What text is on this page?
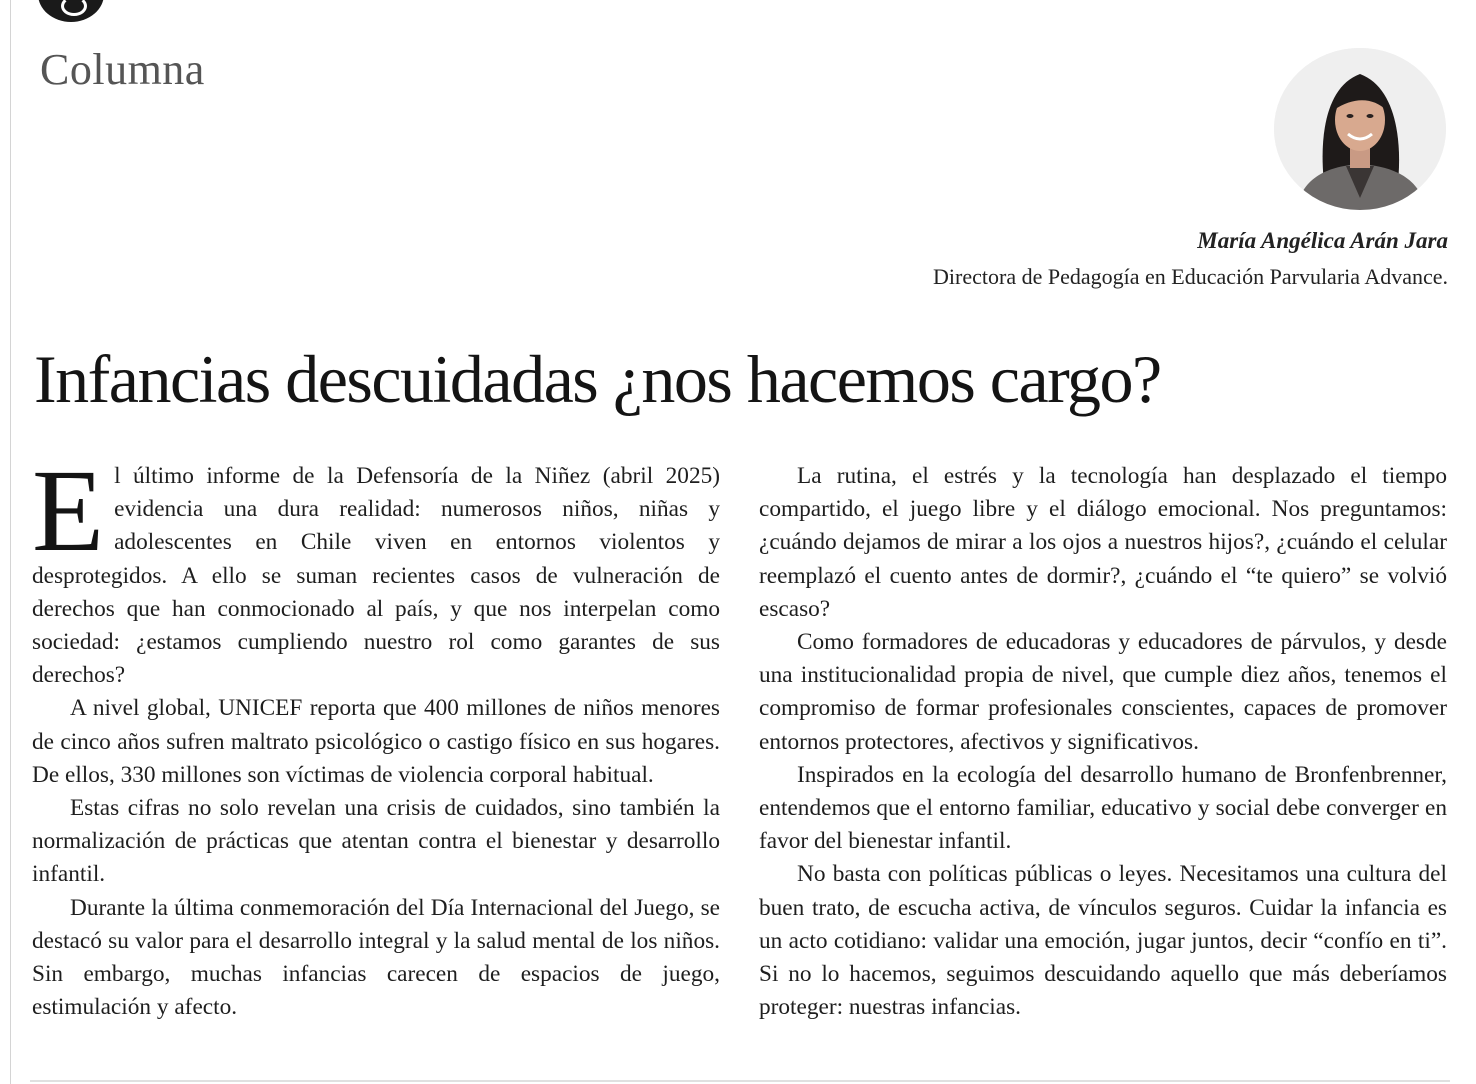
Columna
María Angélica Arán Jara
Directora de Pedagogía en Educación Parvularia Advance.
Infancias descuidadas ¿nos hacemos cargo?

El último informe de la Defensoría de la Niñez (abril 2025) evidencia una dura realidad: numerosos niños, niñas y adolescentes en Chile viven en entornos violentos y desprotegidos. A ello se suman recientes casos de vulneración de derechos que han conmocionado al país, y que nos interpelan como sociedad: ¿estamos cumpliendo nuestro rol como garantes de sus derechos?

A nivel global, UNICEF reporta que 400 millones de niños menores de cinco años sufren maltrato psicológico o castigo físico en sus hogares. De ellos, 330 millones son víctimas de violencia corporal habitual.

Estas cifras no solo revelan una crisis de cuidados, sino también la normalización de prácticas que atentan contra el bienestar y desarrollo infantil.

Durante la última conmemoración del Día Internacional del Juego, se destacó su valor para el desarrollo integral y la salud mental de los niños. Sin embargo, muchas infancias carecen de espacios de juego, estimulación y afecto.

La rutina, el estrés y la tecnología han desplazado el tiempo compartido, el juego libre y el diálogo emocional. Nos preguntamos: ¿cuándo dejamos de mirar a los ojos a nuestros hijos?, ¿cuándo el celular reemplazó el cuento antes de dormir?, ¿cuándo el “te quiero” se volvió escaso?

Como formadores de educadoras y educadores de párvulos, y desde una institucionalidad propia de nivel, que cumple diez años, tenemos el compromiso de formar profesionales conscientes, capaces de promover entornos protectores, afectivos y significativos.

Inspirados en la ecología del desarrollo humano de Bronfenbrenner, entendemos que el entorno familiar, educativo y social debe converger en favor del bienestar infantil.

No basta con políticas públicas o leyes. Necesitamos una cultura del buen trato, de escucha activa, de vínculos seguros. Cuidar la infancia es un acto cotidiano: validar una emoción, jugar juntos, decir “confío en ti”. Si no lo hacemos, seguimos descuidando aquello que más deberíamos proteger: nuestras infancias.
